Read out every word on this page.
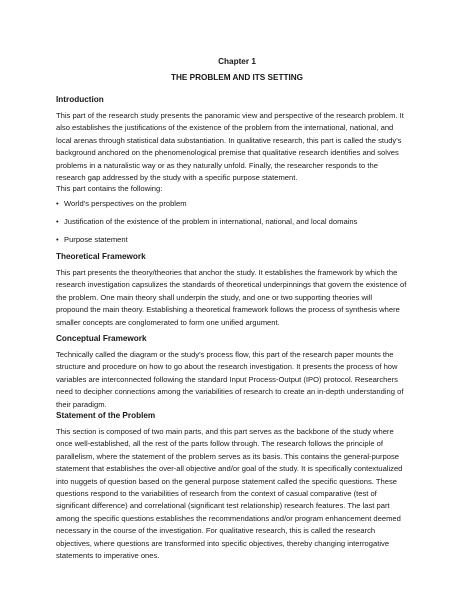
Chapter 1
THE PROBLEM AND ITS SETTING
Introduction
This part of the research study presents the panoramic view and perspective of the research problem. It
also establishes the justifications of the existence of the problem from the international, national, and
local arenas through statistical data substantiation. In qualitative research, this part is called the study's
background anchored on the phenomenological premise that qualitative research identifies and solves
problems in a naturalistic way or as they naturally unfold. Finally, the researcher responds to the
research gap addressed by the study with a specific purpose statement.
This part contains the following:
• World’s perspectives on the problem
• Justification of the existence of the problem in international, national, and local domains
• Purpose statement
Theoretical Framework
This part presents the theory/theories that anchor the study. It establishes the framework by which the
research investigation capsulizes the standards of theoretical underpinnings that govern the existence of
the problem. One main theory shall underpin the study, and one or two supporting theories will
propound the main theory. Establishing a theoretical framework follows the process of synthesis where
smaller concepts are conglomerated to form one unified argument.
Conceptual Framework
Technically called the diagram or the study's process flow, this part of the research paper mounts the
structure and procedure on how to go about the research investigation. It presents the process of how
variables are interconnected following the standard Input Process-Output (IPO) protocol. Researchers
need to decipher connections among the variabilities of research to create an in-depth understanding of
their paradigm.
Statement of the Problem
This section is composed of two main parts, and this part serves as the backbone of the study where
once well-established, all the rest of the parts follow through. The research follows the principle of
parallelism, where the statement of the problem serves as its basis. This contains the general-purpose
statement that establishes the over-all objective and/or goal of the study. It is specifically contextualized
into nuggets of question based on the general purpose statement called the specific questions. These
questions respond to the variabilities of research from the context of casual comparative (test of
significant difference) and correlational (significant test relationship) research features. The last part
among the specific questions establishes the recommendations and/or program enhancement deemed
necessary in the course of the investigation. For qualitative research, this is called the research
objectives, where questions are transformed into specific objectives, thereby changing interrogative
statements to imperative ones.
